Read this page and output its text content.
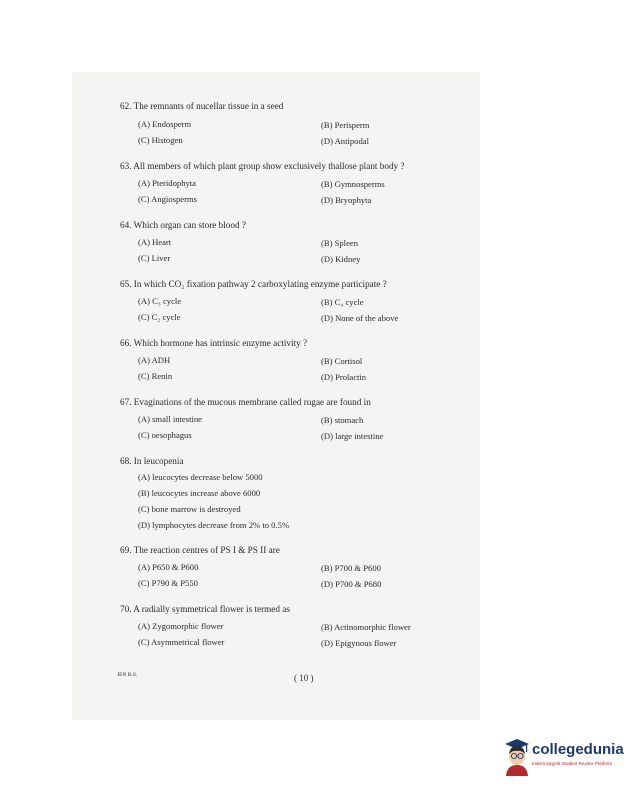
62. The remnants of nucellar tissue in a seed
(A) Endosperm	(B) Perisperm
(C) Histogen	(D) Antipodal
63. All members of which plant group show exclusively thallose plant body ?
(A) Pteridophyta	(B) Gymnosperms
(C) Angiosperms	(D) Bryophyta
64. Which organ can store blood ?
(A) Heart	(B) Spleen
(C) Liver	(D) Kidney
65. In which CO₂ fixation pathway 2 carboxylating enzyme participate ?
(A) C₃ cycle	(B) C₄ cycle
(C) C₂ cycle	(D) None of the above
66. Which hormone has intrinsic enzyme activity ?
(A) ADH	(B) Cortisol
(C) Renin	(D) Prolactin
67. Evaginations of the mucous membrane called rugae are found in
(A) small intestine	(B) stomach
(C) oesophagus	(D) large intestine
68. In leucopenia
(A) leucocytes decrease below 5000
(B) leucocytes increase above 6000
(C) bone marrow is destroyed
(D) lymphocytes decrease from 2% to 0.5%
69. The reaction centres of PS I & PS II are
(A) P650 & P600	(B) P700 & P600
(C) P790 & P550	(D) P700 & P680
70. A radially symmetrical flower is termed as
(A) Zygomorphic flower	(B) Actinomorphic flower
(C) Asymmetrical flower	(D) Epigynous flower
JEN B.S.	( 10 )
collegedunia
India's largest Student Review Platform
